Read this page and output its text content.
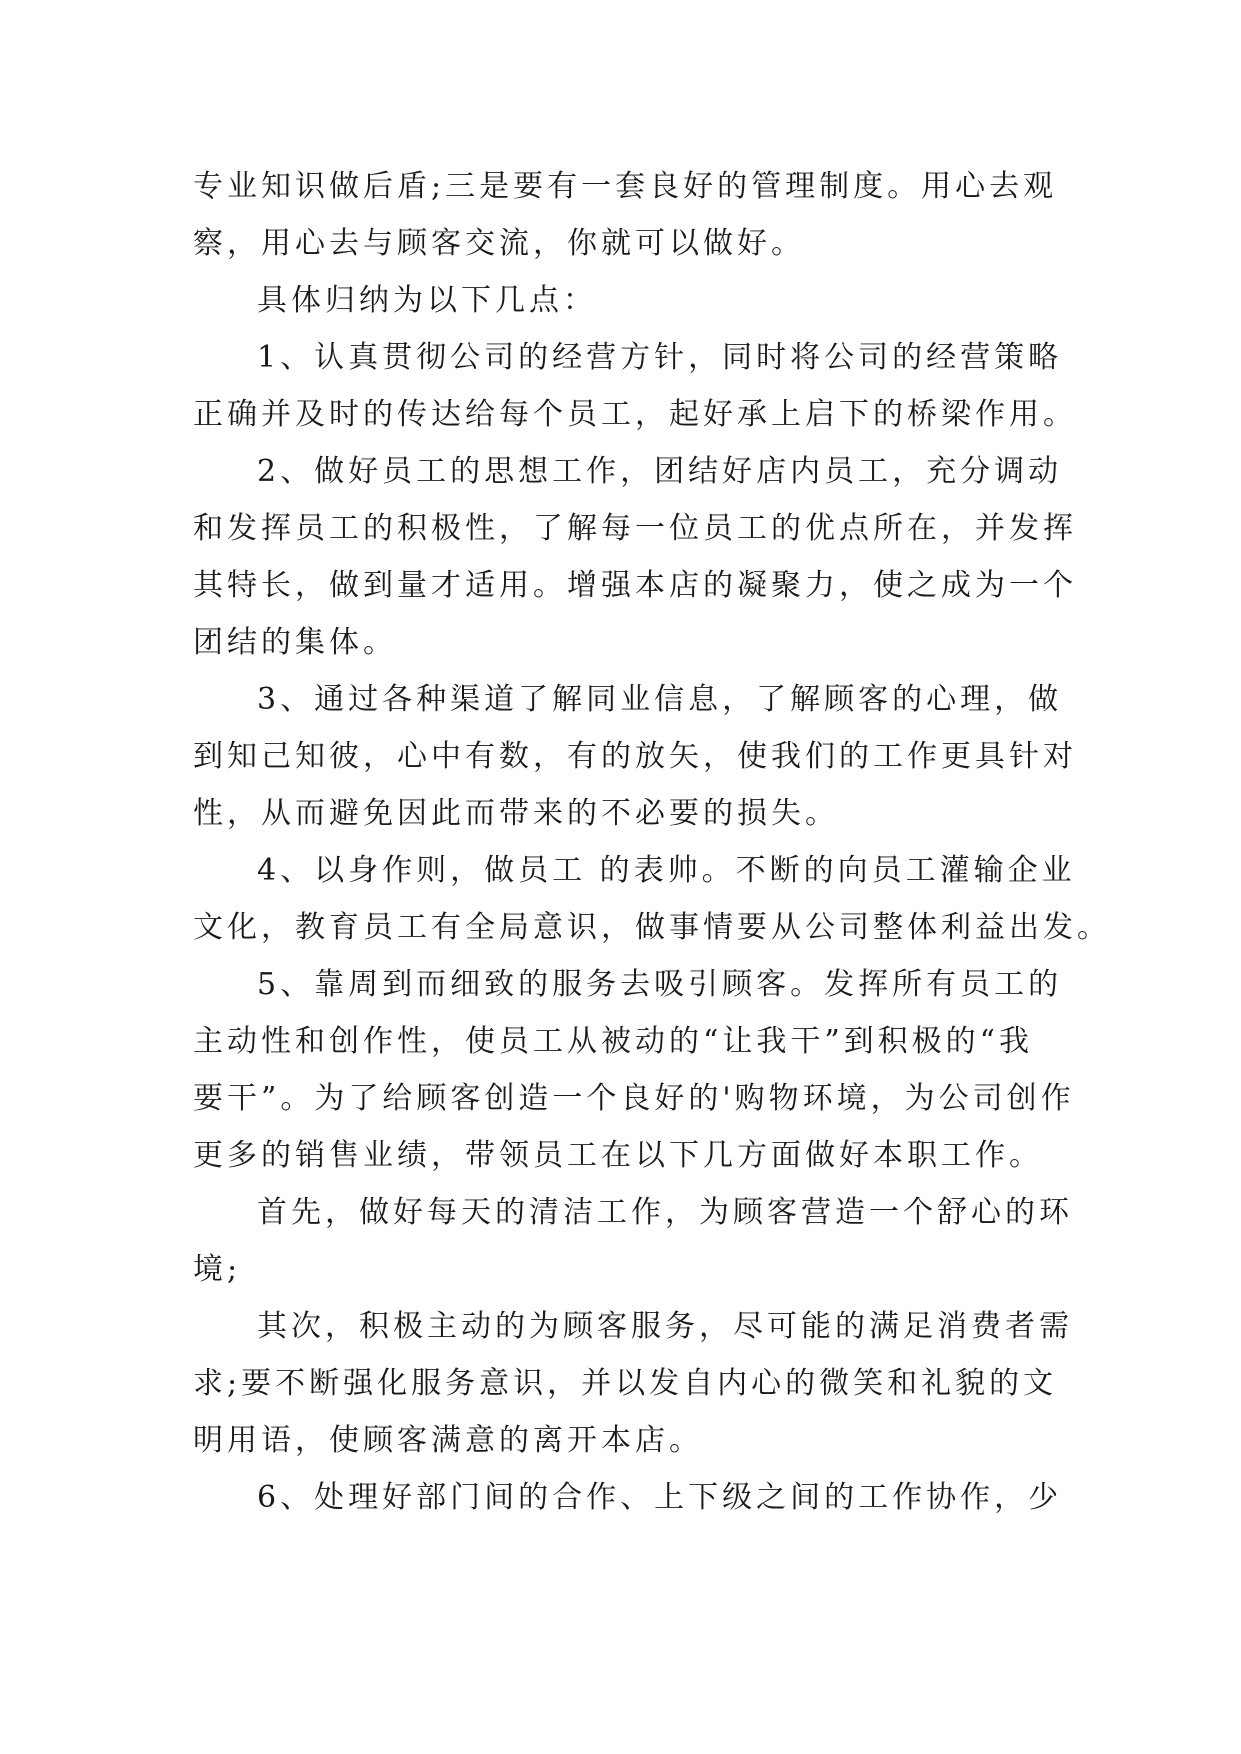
专业知识做后盾;三是要有一套良好的管理制度。用心去观
察，用心去与顾客交流，你就可以做好。
具体归纳为以下几点：
1、认真贯彻公司的经营方针，同时将公司的经营策略
正确并及时的传达给每个员工，起好承上启下的桥梁作用。
2、做好员工的思想工作，团结好店内员工，充分调动
和发挥员工的积极性，了解每一位员工的优点所在，并发挥
其特长，做到量才适用。增强本店的凝聚力，使之成为一个
团结的集体。
3、通过各种渠道了解同业信息，了解顾客的心理，做
到知己知彼，心中有数，有的放矢，使我们的工作更具针对
性，从而避免因此而带来的不必要的损失。
4、以身作则，做员工 的表帅。不断的向员工灌输企业
文化，教育员工有全局意识，做事情要从公司整体利益出发。
5、靠周到而细致的服务去吸引顾客。发挥所有员工的
主动性和创作性，使员工从被动的“让我干”到积极的“我
要干”。为了给顾客创造一个良好的'购物环境，为公司创作
更多的销售业绩，带领员工在以下几方面做好本职工作。
首先，做好每天的清洁工作，为顾客营造一个舒心的环
境;
其次，积极主动的为顾客服务，尽可能的满足消费者需
求;要不断强化服务意识，并以发自内心的微笑和礼貌的文
明用语，使顾客满意的离开本店。
6、处理好部门间的合作、上下级之间的工作协作，少
